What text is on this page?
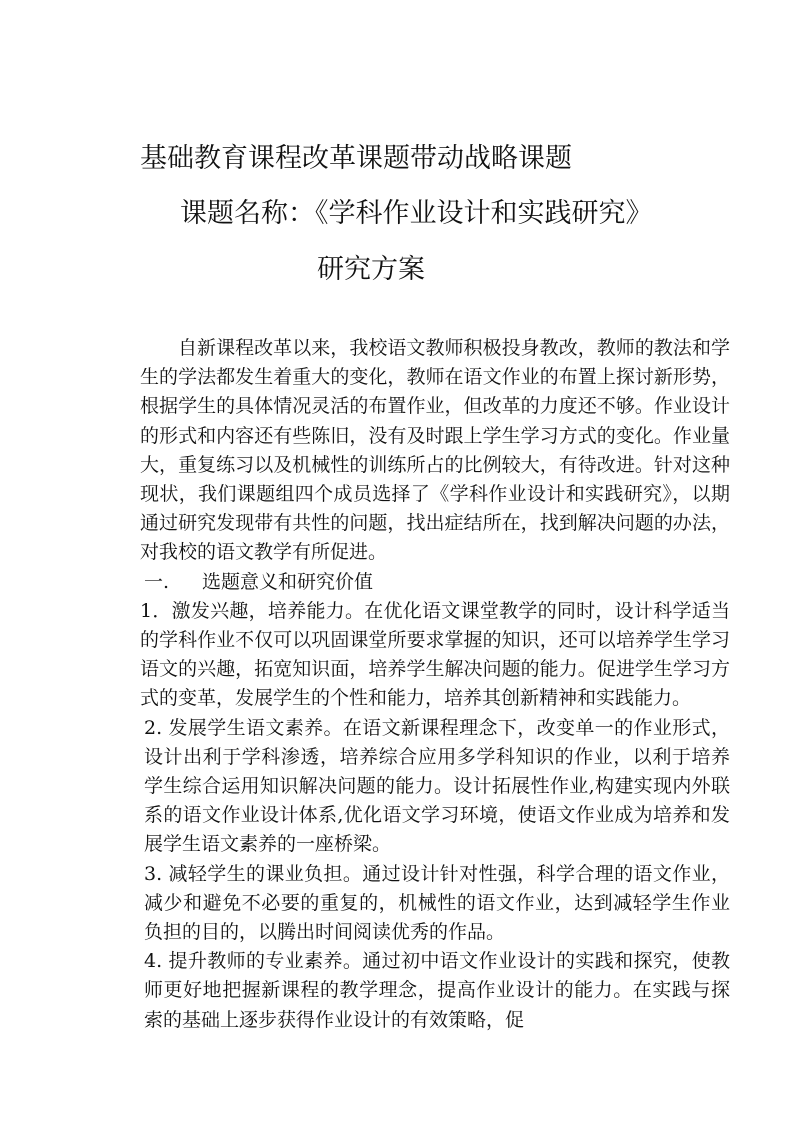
基础教育课程改革课题带动战略课题
课题名称：《学科作业设计和实践研究》
研究方案

自新课程改革以来，我校语文教师积极投身教改，教师的教法和学生的学法都发生着重大的变化，教师在语文作业的布置上探讨新形势，根据学生的具体情况灵活的布置作业，但改革的力度还不够。作业设计的形式和内容还有些陈旧，没有及时跟上学生学习方式的变化。作业量大，重复练习以及机械性的训练所占的比例较大，有待改进。针对这种现状，我们课题组四个成员选择了《学科作业设计和实践研究》，以期通过研究发现带有共性的问题，找出症结所在，找到解决问题的办法，对我校的语文教学有所促进。

一. 选题意义和研究价值

1．激发兴趣，培养能力。在优化语文课堂教学的同时，设计科学适当的学科作业不仅可以巩固课堂所要求掌握的知识，还可以培养学生学习语文的兴趣，拓宽知识面，培养学生解决问题的能力。促进学生学习方式的变革，发展学生的个性和能力，培养其创新精神和实践能力。

2. 发展学生语文素养。在语文新课程理念下，改变单一的作业形式，设计出利于学科渗透，培养综合应用多学科知识的作业，以利于培养学生综合运用知识解决问题的能力。设计拓展性作业,构建实现内外联系的语文作业设计体系,优化语文学习环境，使语文作业成为培养和发展学生语文素养的一座桥梁。

3. 减轻学生的课业负担。通过设计针对性强，科学合理的语文作业，减少和避免不必要的重复的，机械性的语文作业，达到减轻学生作业负担的目的，以腾出时间阅读优秀的作品。

4. 提升教师的专业素养。通过初中语文作业设计的实践和探究，使教师更好地把握新课程的教学理念，提高作业设计的能力。在实践与探索的基础上逐步获得作业设计的有效策略，促
